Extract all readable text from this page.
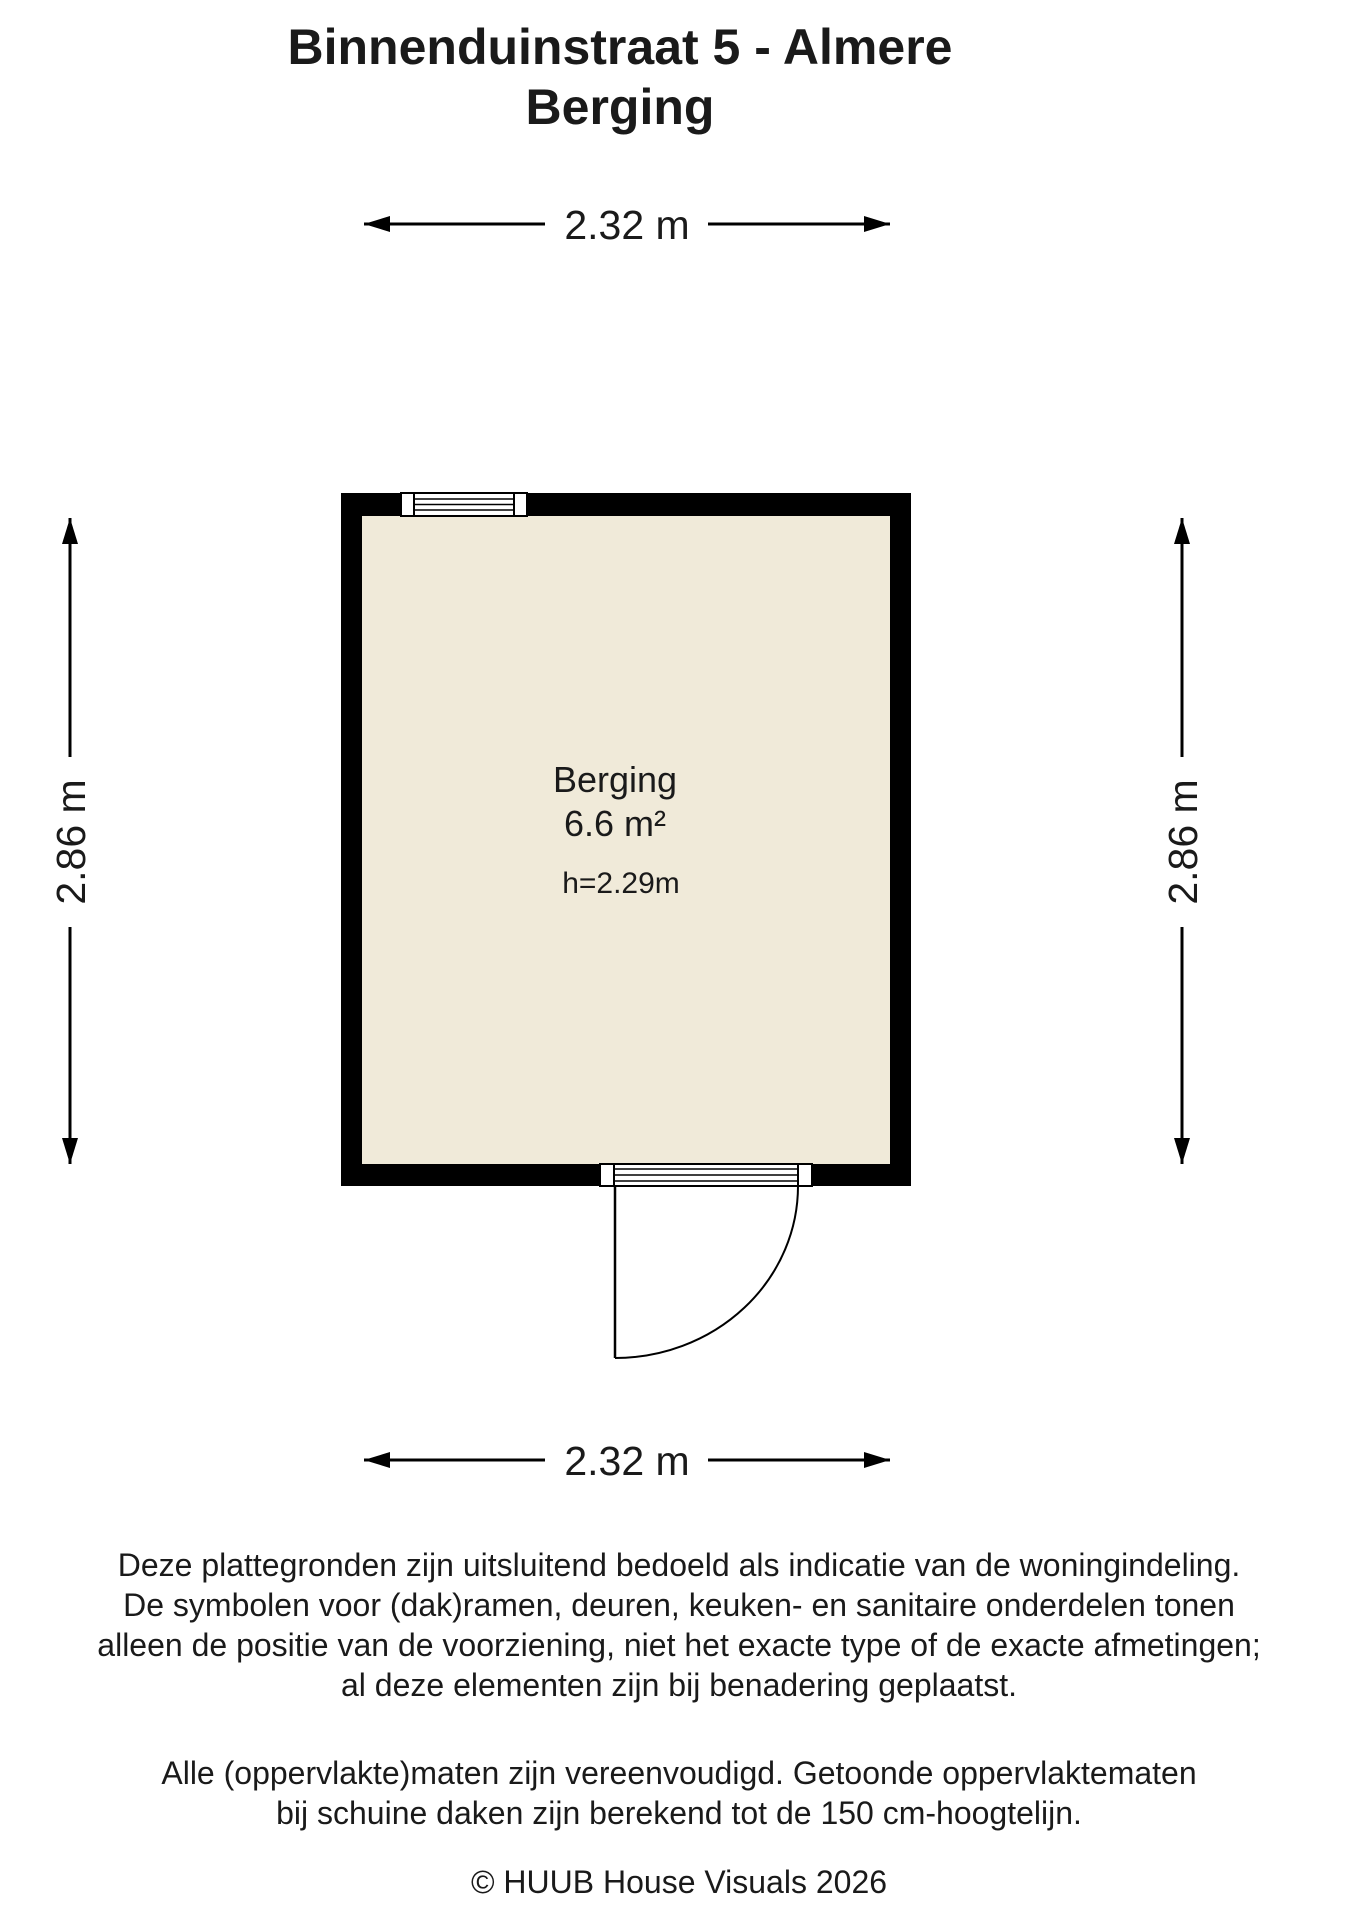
Binnenduinstraat 5 - Almere
Berging
2.32 m
2.86 m	2.86 m
Berging
6.6 m²
h=2.29m
2.32 m

Deze plattegronden zijn uitsluitend bedoeld als indicatie van de woningindeling.

De symbolen voor (dak)ramen, deuren, keuken- en sanitaire onderdelen tonen

alleen de positie van de voorziening, niet het exacte type of de exacte afmetingen;

al deze elementen zijn bij benadering geplaatst.

Alle (oppervlakte)maten zijn vereenvoudigd. Getoonde oppervlaktematen

bij schuine daken zijn berekend tot de 150 cm-hoogtelijn.

© HUUB House Visuals 2026
